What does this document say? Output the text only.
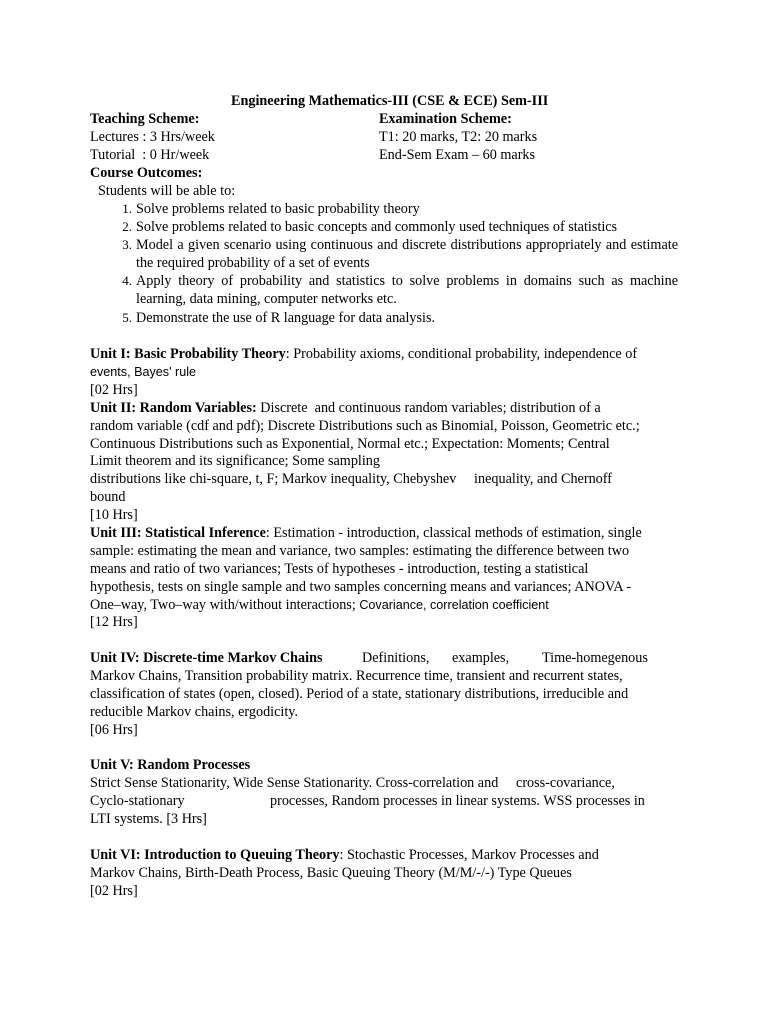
Engineering Mathematics-III (CSE & ECE) Sem-III
Teaching Scheme:	Examination Scheme:
Lectures : 3 Hrs/week	T1: 20 marks, T2: 20 marks
Tutorial  : 0 Hr/week	End-Sem Exam – 60 marks
Course Outcomes:
Students will be able to:
1. Solve problems related to basic probability theory
2. Solve problems related to basic concepts and commonly used techniques of statistics
3. Model a given scenario using continuous and discrete distributions appropriately and estimate the required probability of a set of events
4. Apply theory of probability and statistics to solve problems in domains such as machine learning, data mining, computer networks etc.
5. Demonstrate the use of R language for data analysis.
Unit I: Basic Probability Theory: Probability axioms, conditional probability, independence of
events, Bayes' rule
[02 Hrs]
Unit II: Random Variables: Discrete  and continuous random variables; distribution of a
random variable (cdf and pdf); Discrete Distributions such as Binomial, Poisson, Geometric etc.;
Continuous Distributions such as Exponential, Normal etc.; Expectation: Moments; Central
Limit theorem and its significance; Some sampling
distributions like chi-square, t, F; Markov inequality, Chebyshev     inequality, and Chernoff
bound
[10 Hrs]
Unit III: Statistical Inference: Estimation - introduction, classical methods of estimation, single
sample: estimating the mean and variance, two samples: estimating the difference between two
means and ratio of two variances; Tests of hypotheses - introduction, testing a statistical
hypothesis, tests on single sample and two samples concerning means and variances; ANOVA -
One–way, Two–way with/without interactions; Covariance, correlation coefficient
[12 Hrs]
Unit IV: Discrete-time Markov Chains	Definitions, examples, Time-homegenous
Markov Chains, Transition probability matrix. Recurrence time, transient and recurrent states,
classification of states (open, closed). Period of a state, stationary distributions, irreducible and
reducible Markov chains, ergodicity.
[06 Hrs]
Unit V: Random Processes
Strict Sense Stationarity, Wide Sense Stationarity. Cross-correlation and     cross-covariance,
Cyclo-stationary	processes, Random processes in linear systems. WSS processes in
LTI systems. [3 Hrs]
Unit VI: Introduction to Queuing Theory: Stochastic Processes, Markov Processes and
Markov Chains, Birth-Death Process, Basic Queuing Theory (M/M/-/-) Type Queues
[02 Hrs]
